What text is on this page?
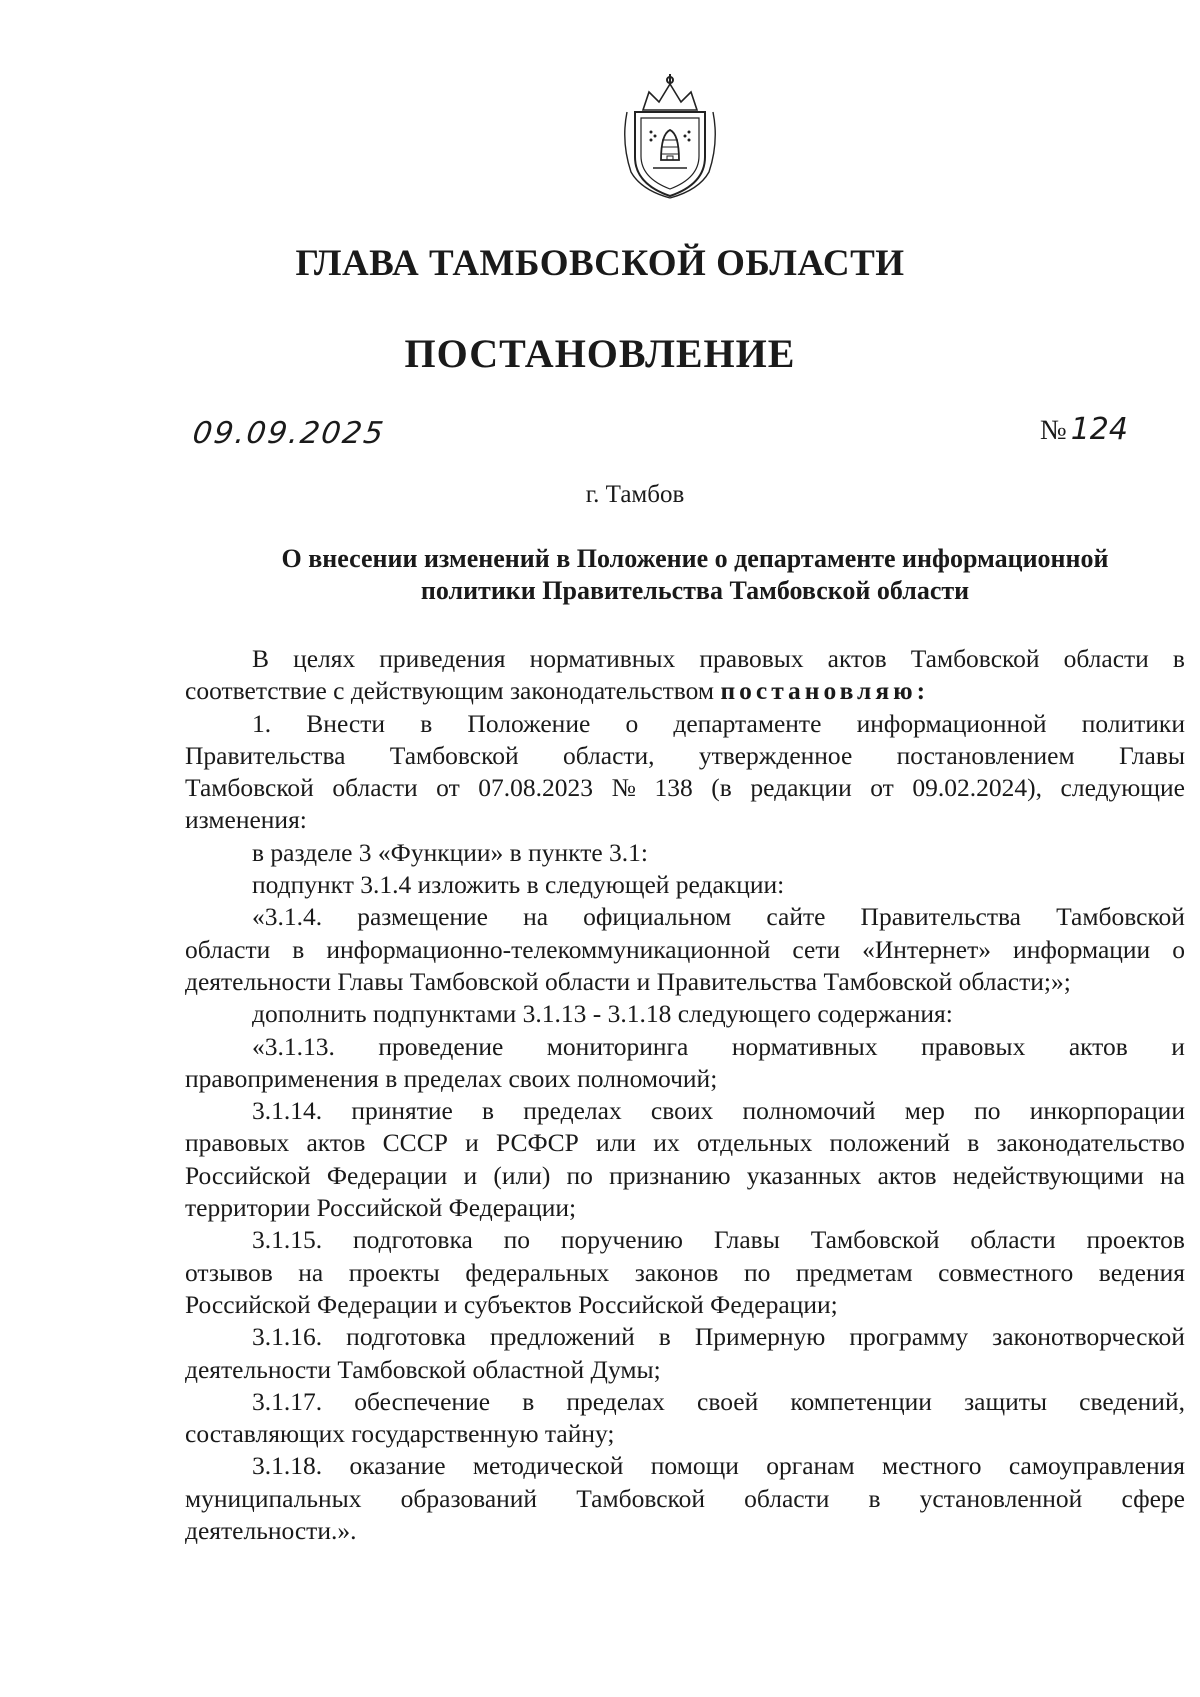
ГЛАВА ТАМБОВСКОЙ ОБЛАСТИ
ПОСТАНОВЛЕНИЕ
09.09.2025	№ 124
г. Тамбов
О внесении изменений в Положение о департаменте информационной
политики Правительства Тамбовской области
В целях приведения нормативных правовых актов Тамбовской области в
соответствие с действующим законодательством постановляю:
1. Внести в Положение о департаменте информационной политики
Правительства Тамбовской области, утвержденное постановлением Главы
Тамбовской области от 07.08.2023 № 138 (в редакции от 09.02.2024), следующие
изменения:
в разделе 3 «Функции» в пункте 3.1:
подпункт 3.1.4 изложить в следующей редакции:
«3.1.4. размещение на официальном сайте Правительства Тамбовской
области в информационно-телекоммуникационной сети «Интернет» информации о
деятельности Главы Тамбовской области и Правительства Тамбовской области;»;
дополнить подпунктами 3.1.13 - 3.1.18 следующего содержания:
«3.1.13. проведение мониторинга нормативных правовых актов и
правоприменения в пределах своих полномочий;
3.1.14. принятие в пределах своих полномочий мер по инкорпорации
правовых актов СССР и РСФСР или их отдельных положений в законодательство
Российской Федерации и (или) по признанию указанных актов недействующими на
территории Российской Федерации;
3.1.15. подготовка по поручению Главы Тамбовской области проектов
отзывов на проекты федеральных законов по предметам совместного ведения
Российской Федерации и субъектов Российской Федерации;
3.1.16. подготовка предложений в Примерную программу законотворческой
деятельности Тамбовской областной Думы;
3.1.17. обеспечение в пределах своей компетенции защиты сведений,
составляющих государственную тайну;
3.1.18. оказание методической помощи органам местного самоуправления
муниципальных образований Тамбовской области в установленной сфере
деятельности.».
